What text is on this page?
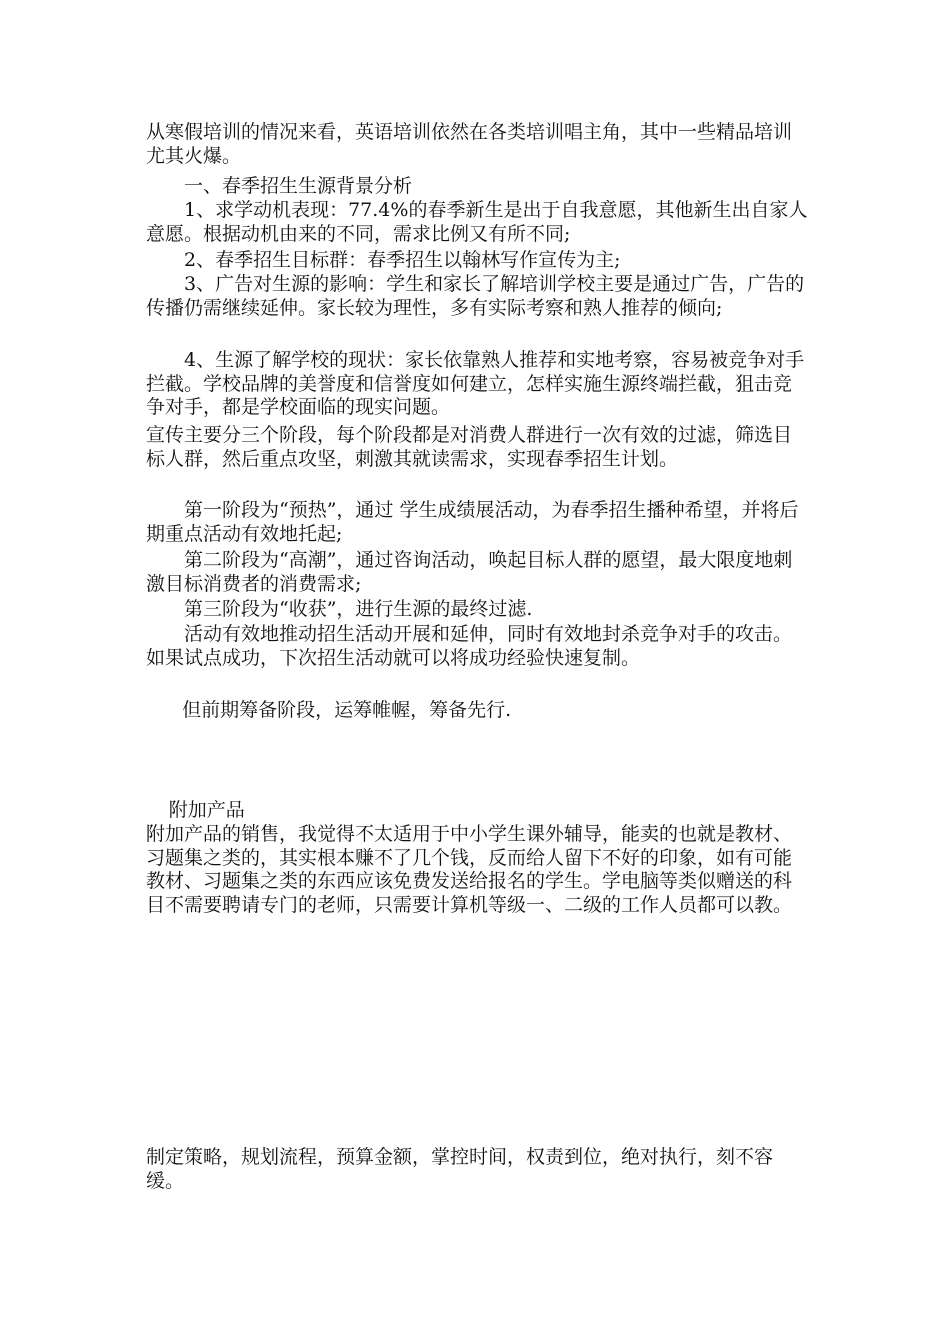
从寒假培训的情况来看，英语培训依然在各类培训唱主角，其中一些精品培训尤其火爆。

一、春季招生生源背景分析

1、求学动机表现：77.4%的春季新生是出于自我意愿，其他新生出自家人意愿。根据动机由来的不同，需求比例又有所不同;

2、春季招生目标群：春季招生以翰林写作宣传为主;

3、广告对生源的影响：学生和家长了解培训学校主要是通过广告，广告的传播仍需继续延伸。家长较为理性，多有实际考察和熟人推荐的倾向;

4、生源了解学校的现状：家长依靠熟人推荐和实地考察，容易被竞争对手拦截。学校品牌的美誉度和信誉度如何建立，怎样实施生源终端拦截，狙击竞争对手，都是学校面临的现实问题。

宣传主要分三个阶段，每个阶段都是对消费人群进行一次有效的过滤，筛选目标人群，然后重点攻坚，刺激其就读需求，实现春季招生计划。

第一阶段为“预热”，通过 学生成绩展活动，为春季招生播种希望，并将后期重点活动有效地托起;

第二阶段为“高潮”，通过咨询活动，唤起目标人群的愿望，最大限度地刺激目标消费者的消费需求;

第三阶段为“收获”，进行生源的最终过滤.

活动有效地推动招生活动开展和延伸，同时有效地封杀竞争对手的攻击。如果试点成功，下次招生活动就可以将成功经验快速复制。

但前期筹备阶段，运筹帷幄，筹备先行.

附加产品

附加产品的销售，我觉得不太适用于中小学生课外辅导，能卖的也就是教材、习题集之类的，其实根本赚不了几个钱，反而给人留下不好的印象，如有可能教材、习题集之类的东西应该免费发送给报名的学生。学电脑等类似赠送的科目不需要聘请专门的老师，只需要计算机等级一、二级的工作人员都可以教。

制定策略，规划流程，预算金额，掌控时间，权责到位，绝对执行，刻不容缓。
